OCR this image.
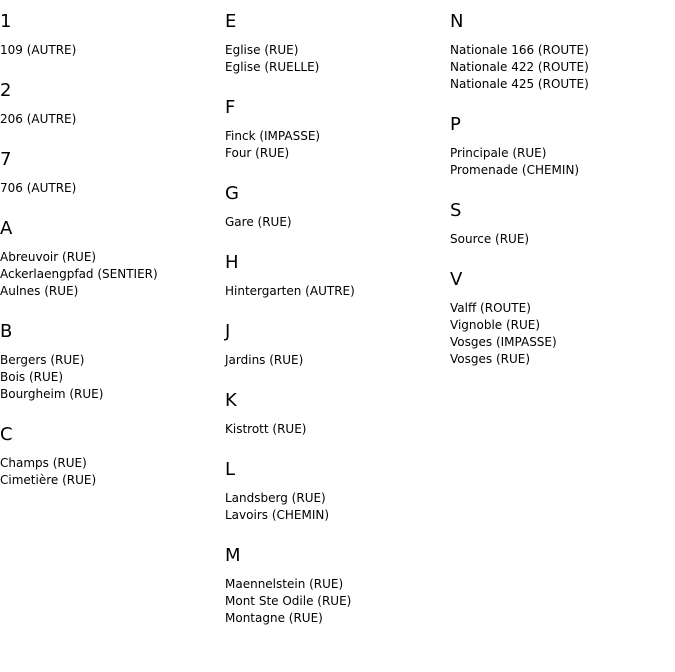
1
109 (AUTRE)
2
206 (AUTRE)
7
706 (AUTRE)
A
Abreuvoir (RUE)
Ackerlaengpfad (SENTIER)
Aulnes (RUE)
B
Bergers (RUE)
Bois (RUE)
Bourgheim (RUE)
C
Champs (RUE)
Cimetière (RUE)
E
Eglise (RUE)
Eglise (RUELLE)
F
Finck (IMPASSE)
Four (RUE)
G
Gare (RUE)
H
Hintergarten (AUTRE)
J
Jardins (RUE)
K
Kistrott (RUE)
L
Landsberg (RUE)
Lavoirs (CHEMIN)
M
Maennelstein (RUE)
Mont Ste Odile (RUE)
Montagne (RUE)
N
Nationale 166 (ROUTE)
Nationale 422 (ROUTE)
Nationale 425 (ROUTE)
P
Principale (RUE)
Promenade (CHEMIN)
S
Source (RUE)
V
Valff (ROUTE)
Vignoble (RUE)
Vosges (IMPASSE)
Vosges (RUE)
